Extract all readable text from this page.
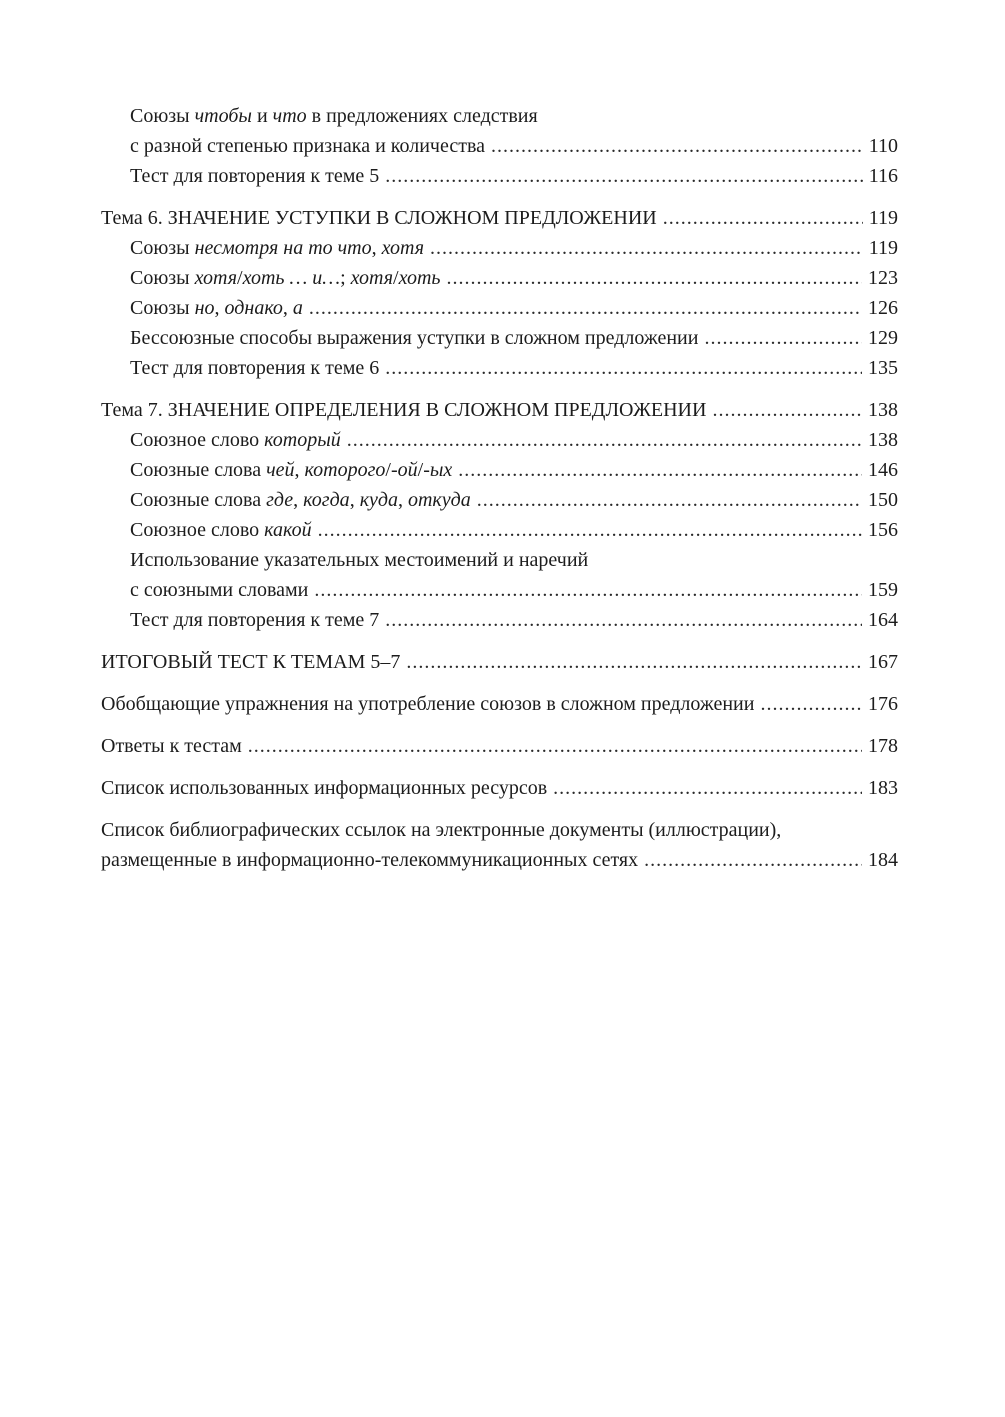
Союзы чтобы и что в предложениях следствия
с разной степенью признака и количества .....	110
Тест для повторения к теме 5 .....	116
Тема 6. ЗНАЧЕНИЕ УСТУПКИ В СЛОЖНОМ ПРЕДЛОЖЕНИИ .....	119
Союзы несмотря на то что, хотя .....	119
Союзы хотя/хоть … и…; хотя/хоть .....	123
Союзы но, однако, а .....	126
Бессоюзные способы выражения уступки в сложном предложении .....	129
Тест для повторения к теме 6 .....	135
Тема 7. ЗНАЧЕНИЕ ОПРЕДЕЛЕНИЯ В СЛОЖНОМ ПРЕДЛОЖЕНИИ .....	138
Союзное слово который .....	138
Союзные слова чей, которого/-ой/-ых .....	146
Союзные слова где, когда, куда, откуда .....	150
Союзное слово какой .....	156
Использование указательных местоимений и наречий
с союзными словами .....	159
Тест для повторения к теме 7 .....	164
ИТОГОВЫЙ ТЕСТ К ТЕМАМ 5–7 .....	167
Обобщающие упражнения на употребление союзов в сложном предложении .....	176
Ответы к тестам .....	178
Список использованных информационных ресурсов .....	183
Список библиографических ссылок на электронные документы (иллюстрации),
размещенные в информационно-телекоммуникационных сетях .....	184
